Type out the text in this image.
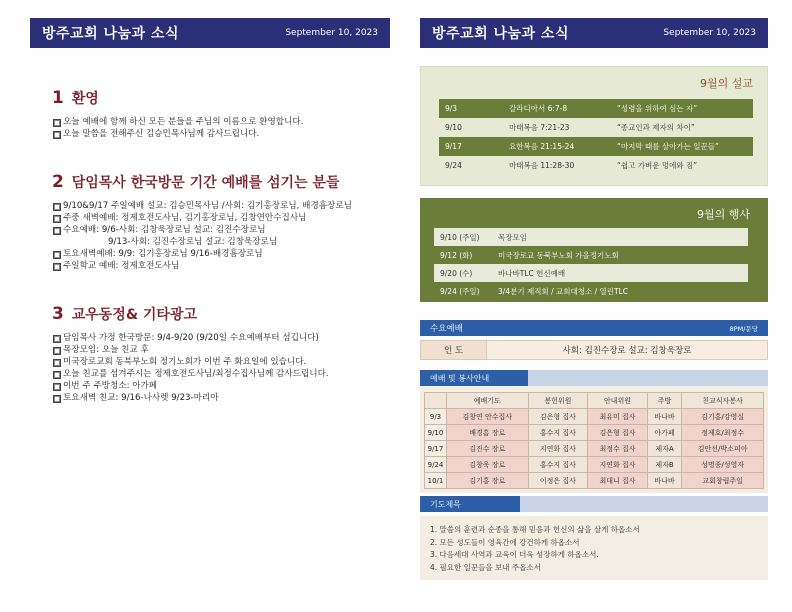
방주교회 나눔과 소식	September 10, 2023
1 환영
오늘 예배에 함께 하신 모든 분들을 주님의 이름으로 환영합니다.
오늘 말씀을 전해주신 김승민목사님께 감사드립니다.
2 담임목사 한국방문 기간 예배를 섬기는 분들
9/10&9/17 주일예배 설교: 김승민목사님 /사회: 김기홍장로님, 배경흠장로님
주중 새벽예배: 정제호전도사님, 김기홍장로님, 김창연안수집사님
수요예배: 9/6-사회: 김창욱장로님 설교: 김진수장로님
9/13-사회: 김진수장로님 설교: 김창욱장로님
토요새벽예배: 9/9: 김기홍장로님 9/16-배경흠장로님
주일학교 예배: 정제호전도사님
3 교우동정& 기타광고
담임목사 가정 한국방문: 9/4-9/20 (9/20일 수요예배부터 섬깁니다)
목장모임: 오늘 친교 후
미국장로교회 동북부노회 정기노회가 이번 주 화요일에 있습니다.
오늘 친교를 섬겨주시는 정제호전도사님/최정수집사님께 감사드립니다.
이번 주 주방청소: 아가페
토요새벽 친교: 9/16-나사렛 9/23-마리아
방주교회 나눔과 소식	September 10, 2023
9월의 설교
9/3	갈라디아서 6:7-8	“성령을 위하여 심는 자”
9/10	마태복음 7:21-23	“종교인과 제자의 차이”
9/17	요한복음 21:15-24	“마지막 때를 살아가는 일꾼들”
9/24	마태복음 11:28-30	“쉽고 가벼운 멍에와 짐”
9월의 행사
9/10 (주일)	목장모임
9/12 (화)	미국장로교 동북부노회 가을정기노회
9/20 (수)	바나바TLC 헌신예배
9/24 (주일)	3/4분기 제직회 / 교회대청소 / 열린TLC
수요예배	8PM/문당
인 도	사회: 김진수장로 설교: 김창욱장로
예배 및 봉사안내
	예배기도	봉헌위원	안내위원	주방	친교식사봉사
9/3	김창연 안수집사	김은형 집사	최유미 집사	바나바	김기홍/강영실
9/10	배경흠 장로	홍수지 집사	김은형 집사	아가페	정제호/최정수
9/17	김진수 장로	지연화 집사	최정수 집사	제자A	김안선/박소피아
9/24	김창욱 장로	홍수지 집사	지연화 집사	제자B	성명종/성영자
10/1	김기홍 장로	이정은 집사	최대니 집사	바나바	교회창립주일
기도제목
1. 말씀의 훈련과 순종을 통해 믿음과 헌신의 삶을 살게 하옵소서
2. 모든 성도들이 영육간에 강건하게 하옵소서
3. 다음세대 사역과 교육이 더욱 성장하게 하옵소서.
4. 필요한 일꾼들을 보내 주옵소서
